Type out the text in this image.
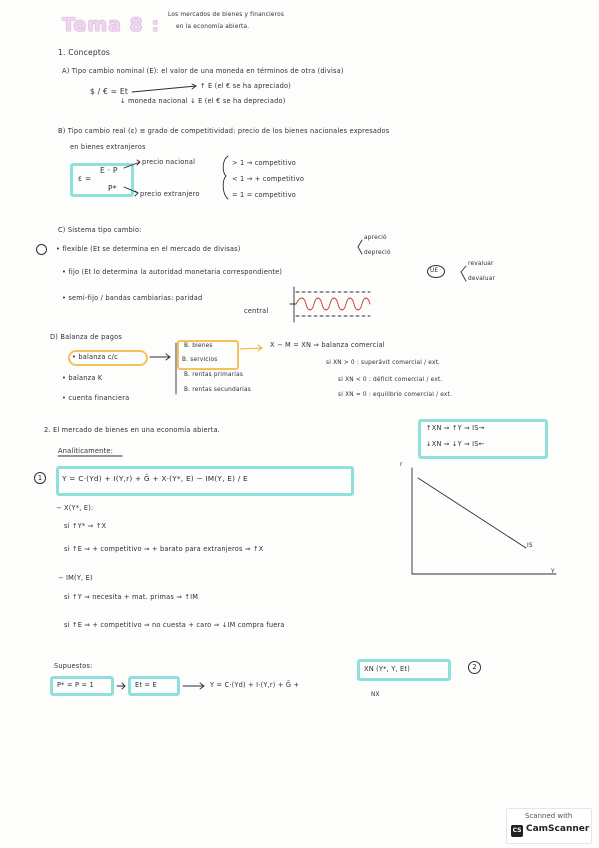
Tema 8 : Los mercados de bienes y financieros
en la economía abierta.
1. Conceptos
A) Tipo cambio nominal (E): el valor de una moneda en términos de otra (divisa)
$ / € = Et
↑ E (el € se ha apreciado)
↓ moneda nacional ↓ E (el € se ha depreciado)
B) Tipo cambio real (ε) ≡ grado de competitividad: precio de los bienes nacionales expresados
en bienes extranjeros
ε =
E · P
P*
precio nacional
precio extranjero
> 1 → competitivo
< 1 → + competitivo
= 1 = competitivo
C) Sistema tipo cambio:
• flexible (Et se determina en el mercado de divisas)
apreció
depreció
• fijo (Et lo determina la autoridad monetaria correspondiente)	UE
revaluar
devaluar
• semi-fijo / bandas cambiarias: paridad
central
D) Balanza de pagos
• balanza c/c
• balanza K
• cuenta financiera
B. bienes
B. servicios
B. rentas primarias
B. rentas secundarias
X − M = XN ⇒ balanza comercial
si XN > 0 : superávit comercial / ext.
si XN < 0 : déficit comercial / ext.
si XN = 0 : equilibrio comercial / ext.
2. El mercado de bienes en una economía abierta.	↑XN ⇒ ↑Y ⇒ IS→
↓XN ⇒ ↓Y ⇒ IS←
Analíticamente:
1	Y = C·(Yd) + I(Y,r) + Ḡ + X·(Y*, E) − IM(Y, E) / E
− X(Y*, E):
si ↑Y* ⇒ ↑X
si ↑E ⇒ + competitivo ⇒ + barato para extranjeros ⇒ ↑X
− IM(Y, E)
si ↑Y ⇒ necesita + mat. primas ⇒ ↑IM
si ↑E ⇒ + competitivo ⇒ no cuesta + caro ⇒ ↓IM compra fuera
Supuestos:
P* = P = 1	Et = E	Y = C·(Yd) + I·(Y,r) + Ḡ +
XN (Y*, Y, Et)
NX
2
r
Y
IS
Scanned with
CS CamScanner
